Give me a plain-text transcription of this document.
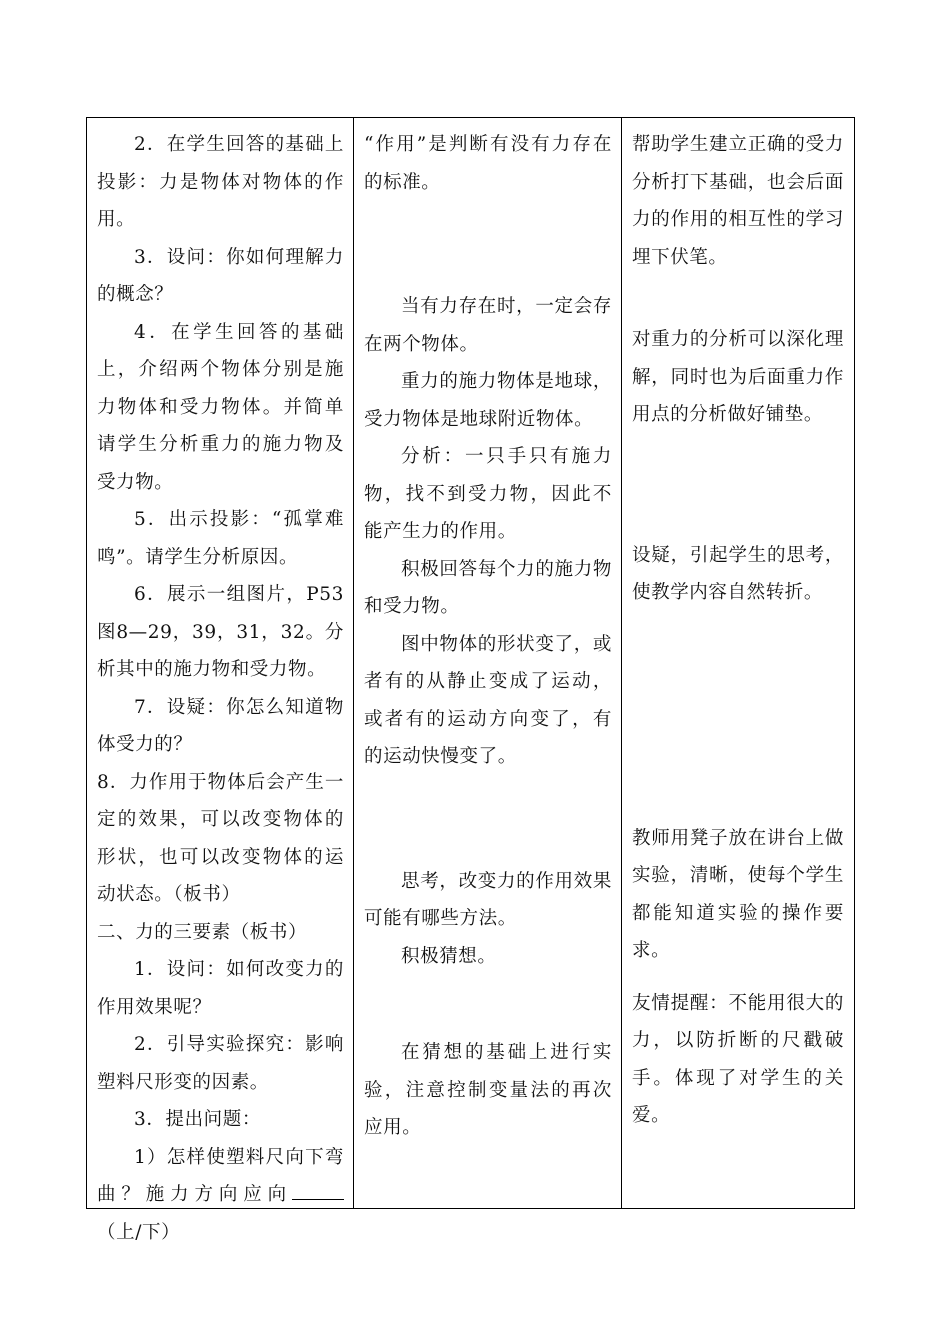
2．在学生回答的基础上投影：力是物体对物体的作用。

3．设问：你如何理解力的概念？

4．在学生回答的基础上，介绍两个物体分别是施力物体和受力物体。并简单请学生分析重力的施力物及受力物。

5．出示投影：“孤掌难鸣”。请学生分析原因。

6．展示一组图片，P53图8—29，39，31，32。分析其中的施力物和受力物。

7．设疑：你怎么知道物体受力的？

8．力作用于物体后会产生一定的效果，可以改变物体的形状，也可以改变物体的运动状态。（板书）

二、力的三要素（板书）

1．设问：如何改变力的作用效果呢？

2．引导实验探究：影响塑料尺形变的因素。

3．提出问题：

1）怎样使塑料尺向下弯曲？施力方向应向（上/下）

“作用”是判断有没有力存在的标准。

当有力存在时，一定会存在两个物体。

重力的施力物体是地球，受力物体是地球附近物体。

分析：一只手只有施力物，找不到受力物，因此不能产生力的作用。

积极回答每个力的施力物和受力物。

图中物体的形状变了，或者有的从静止变成了运动，或者有的运动方向变了，有的运动快慢变了。

思考，改变力的作用效果可能有哪些方法。

积极猜想。

在猜想的基础上进行实验，注意控制变量法的再次应用。

帮助学生建立正确的受力分析打下基础，也会后面力的作用的相互性的学习埋下伏笔。

对重力的分析可以深化理解，同时也为后面重力作用点的分析做好铺垫。

设疑，引起学生的思考，使教学内容自然转折。

教师用凳子放在讲台上做实验，清晰，使每个学生都能知道实验的操作要求。

友情提醒：不能用很大的力，以防折断的尺戳破手。体现了对学生的关爱。
